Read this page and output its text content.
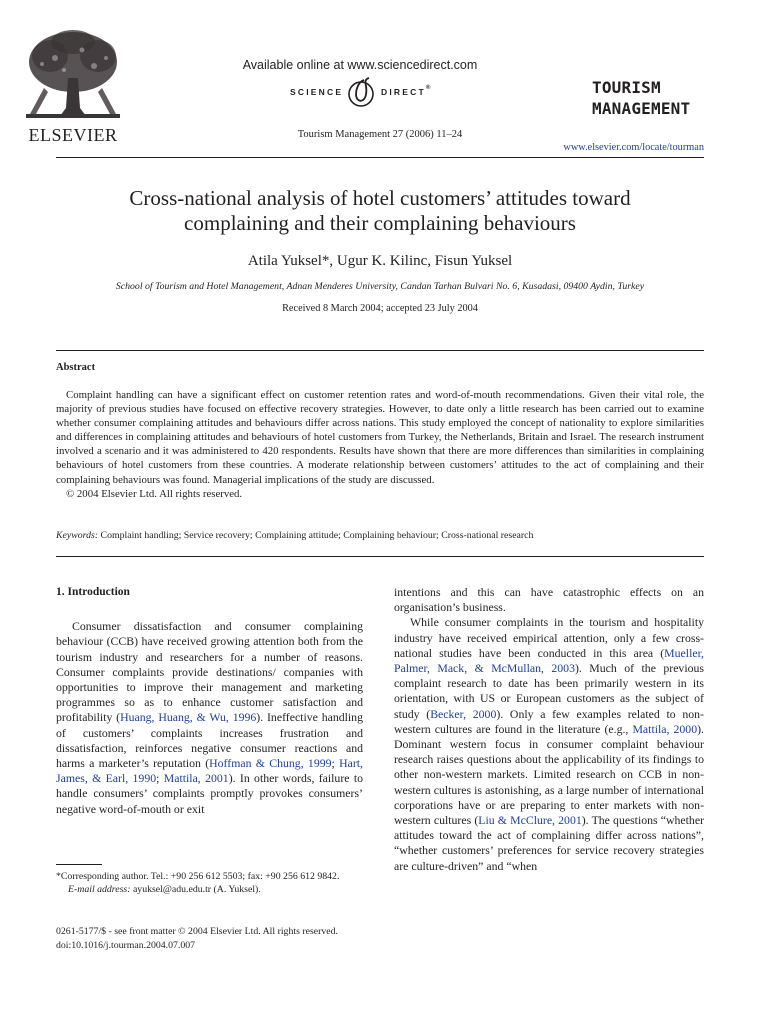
ELSEVIER
Available online at www.sciencedirect.com
SCIENCE	DIRECT ®
Tourism Management 27 (2006) 11–24
TOURISM
MANAGEMENT
www.elsevier.com/locate/tourman
Cross-national analysis of hotel customers’ attitudes toward
complaining and their complaining behaviours
Atila Yuksel*, Ugur K. Kilinc, Fisun Yuksel
School of Tourism and Hotel Management, Adnan Menderes University, Candan Tarhan Bulvari No. 6, Kusadasi, 09400 Aydin, Turkey
Received 8 March 2004; accepted 23 July 2004
Abstract

Complaint handling can have a significant effect on customer retention rates and word-of-mouth recommendations. Given their vital role, the majority of previous studies have focused on effective recovery strategies. However, to date only a little research has been carried out to examine whether consumer complaining attitudes and behaviours differ across nations. This study employed the concept of nationality to explore similarities and differences in complaining attitudes and behaviours of hotel customers from Turkey, the Netherlands, Britain and Israel. The research instrument involved a scenario and it was administered to 420 respondents. Results have shown that there are more differences than similarities in complaining behaviours of hotel customers from these countries. A moderate relationship between customers’ attitudes to the act of complaining and their complaining behaviours was found. Managerial implications of the study are discussed.

© 2004 Elsevier Ltd. All rights reserved.

Keywords: Complaint handling; Service recovery; Complaining attitude; Complaining behaviour; Cross-national research

1. Introduction

Consumer dissatisfaction and consumer complaining behaviour (CCB) have received growing attention both from the tourism industry and researchers for a number of reasons. Consumer complaints provide destinations/ companies with opportunities to improve their management and marketing programmes so as to enhance customer satisfaction and profitability (Huang, Huang, & Wu, 1996). Ineffective handling of customers’ complaints increases frustration and dissatisfaction, reinforces negative consumer reactions and harms a marketer’s reputation (Hoffman & Chung, 1999; Hart, James, & Earl, 1990; Mattila, 2001). In other words, failure to handle consumers’ complaints promptly provokes consumers’ negative word-of-mouth or exit

*Corresponding author. Tel.: +90 256 612 5503; fax: +90 256 612 9842.

E-mail address: ayuksel@adu.edu.tr (A. Yuksel).

0261-5177/$ - see front matter © 2004 Elsevier Ltd. All rights reserved.
doi:10.1016/j.tourman.2004.07.007

intentions and this can have catastrophic effects on an organisation’s business.

While consumer complaints in the tourism and hospitality industry have received empirical attention, only a few cross-national studies have been conducted in this area (Mueller, Palmer, Mack, & McMullan, 2003). Much of the previous complaint research to date has been primarily western in its orientation, with US or European customers as the subject of study (Becker, 2000). Only a few examples related to non-western cultures are found in the literature (e.g., Mattila, 2000). Dominant western focus in consumer complaint behaviour research raises questions about the applicability of its findings to other non-western markets. Limited research on CCB in non-western cultures is astonishing, as a large number of international corporations have or are preparing to enter markets with non-western cultures (Liu & McClure, 2001). The questions “whether attitudes toward the act of complaining differ across nations”, “whether customers’ preferences for service recovery strategies are culture-driven” and “when
